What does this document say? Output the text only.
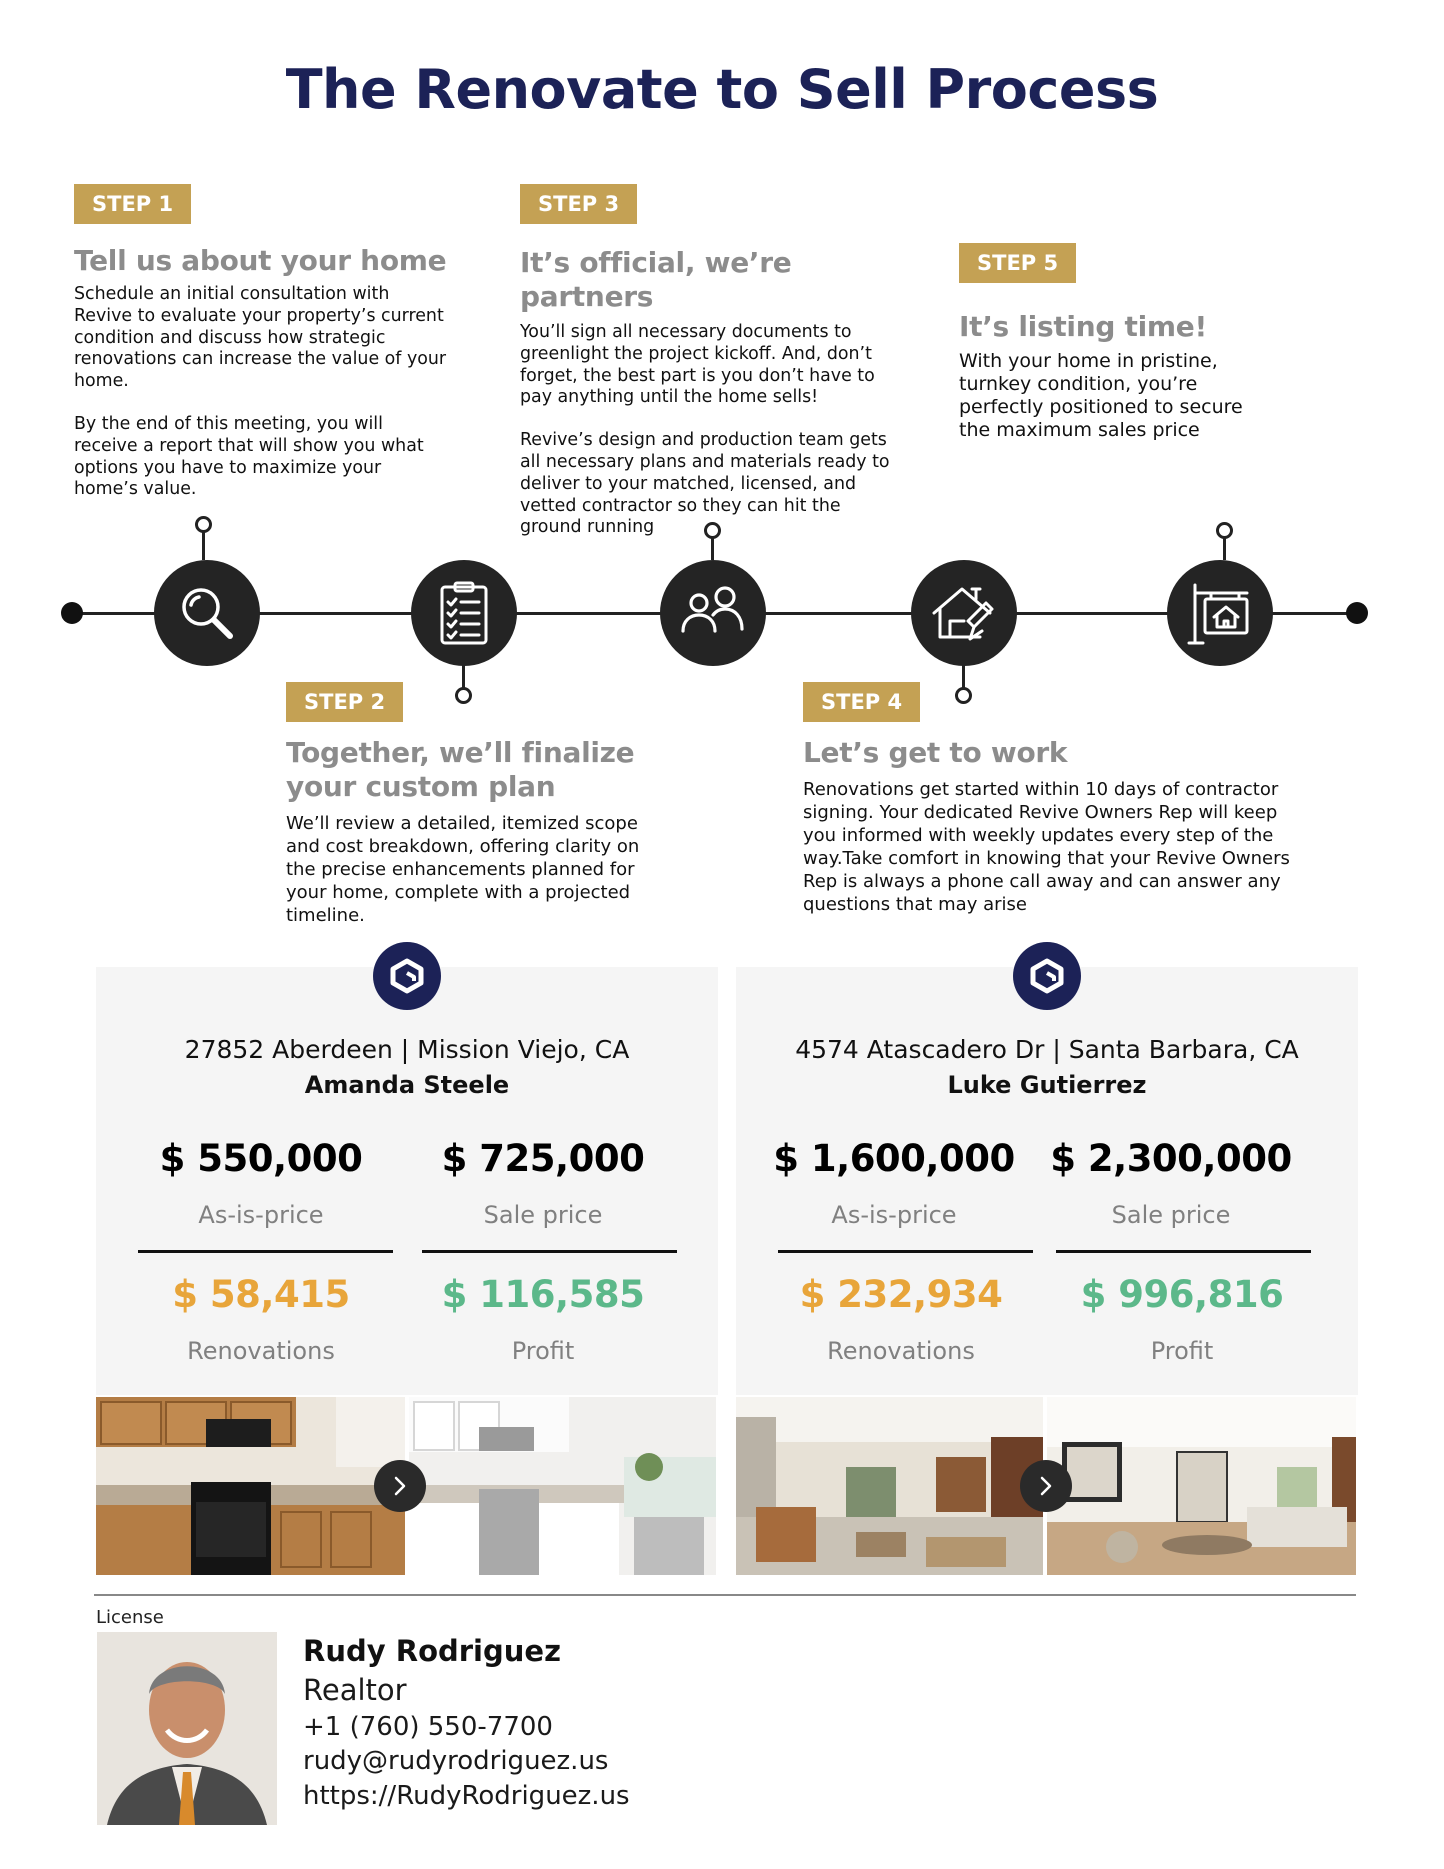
The Renovate to Sell Process
STEP 1
Tell us about your home

Schedule an initial consultation with Revive to evaluate your property’s current condition and discuss how strategic renovations can increase the value of your home.

By the end of this meeting, you will receive a report that will show you what options you have to maximize your home’s value.

STEP 3
It’s official, we’re partners

You’ll sign all necessary documents to greenlight the project kickoff. And, don’t forget, the best part is you don’t have to pay anything until the home sells!

Revive’s design and production team gets all necessary plans and materials ready to deliver to your matched, licensed, and vetted contractor so they can hit the ground running

STEP 5
It’s listing time!

With your home in pristine, turnkey condition, you’re perfectly positioned to secure the maximum sales price

STEP 2
Together, we’ll finalize your custom plan

We’ll review a detailed, itemized scope and cost breakdown, offering clarity on the precise enhancements planned for your home, complete with a projected timeline.

STEP 4
Let’s get to work

Renovations get started within 10 days of contractor signing. Your dedicated Revive Owners Rep will keep you informed with weekly updates every step of the way.Take comfort in knowing that your Revive Owners Rep is always a phone call away and can answer any questions that may arise

27852 Aberdeen | Mission Viejo, CA
Amanda Steele
$ 550,000
As-is-price
$ 725,000
Sale price
$ 58,415
Renovations
$ 116,585
Profit
4574 Atascadero Dr | Santa Barbara, CA
Luke Gutierrez
$ 1,600,000
As-is-price
$ 2,300,000
Sale price
$ 232,934
Renovations
$ 996,816
Profit
License
Rudy Rodriguez
Realtor
+1 (760) 550-7700
rudy@rudyrodriguez.us
https://RudyRodriguez.us
